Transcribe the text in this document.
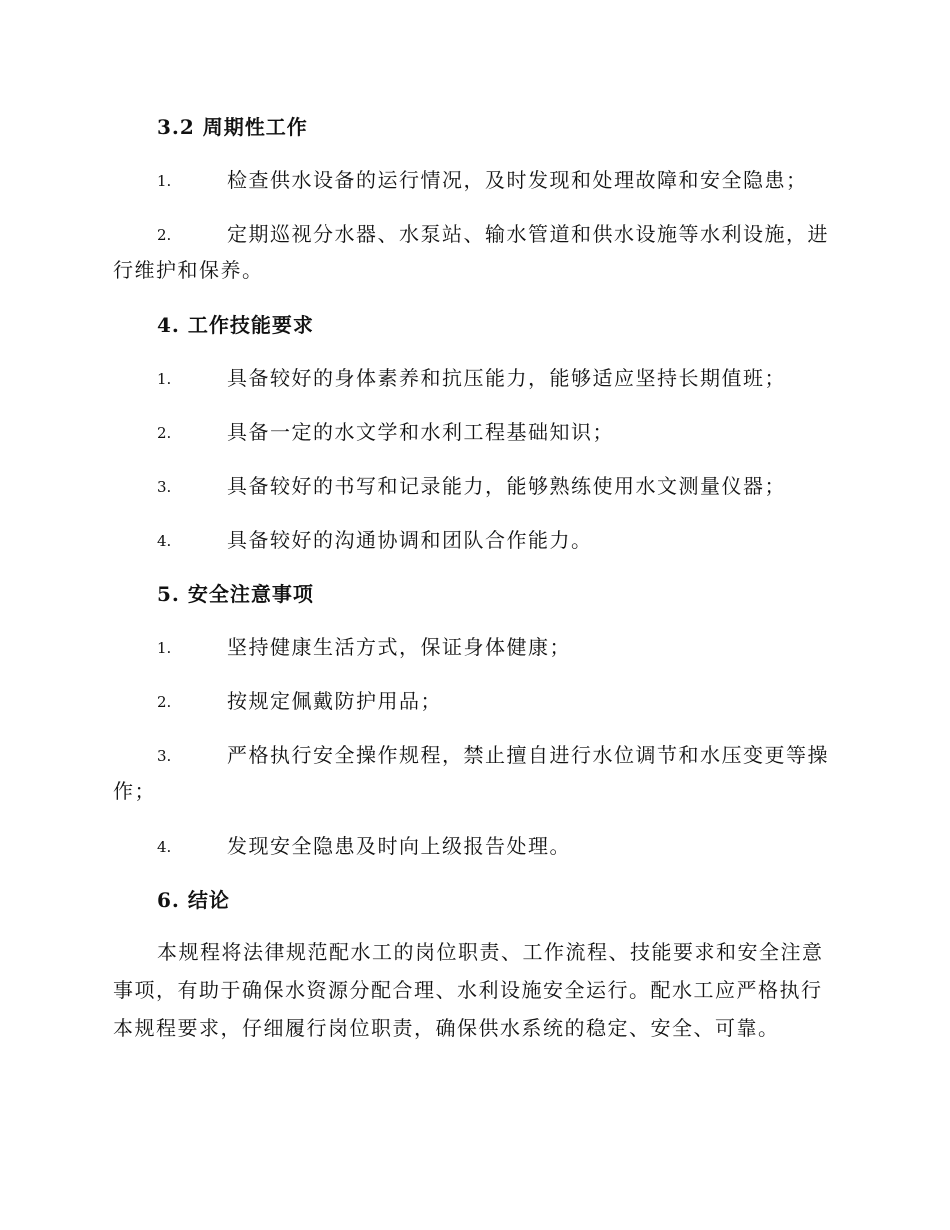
3.2 周期性工作
1.	检查供水设备的运行情况，及时发现和处理故障和安全隐患；
2.	定期巡视分水器、水泵站、输水管道和供水设施等水利设施，进
行维护和保养。
4. 工作技能要求
1.	具备较好的身体素养和抗压能力，能够适应坚持长期值班；
2.	具备一定的水文学和水利工程基础知识；
3.	具备较好的书写和记录能力，能够熟练使用水文测量仪器；
4.	具备较好的沟通协调和团队合作能力。
5. 安全注意事项
1.	坚持健康生活方式，保证身体健康；
2.	按规定佩戴防护用品；
3.	严格执行安全操作规程，禁止擅自进行水位调节和水压变更等操
作；
4.	发现安全隐患及时向上级报告处理。
6. 结论
本规程将法律规范配水工的岗位职责、工作流程、技能要求和安全注意
事项，有助于确保水资源分配合理、水利设施安全运行。配水工应严格执行
本规程要求，仔细履行岗位职责，确保供水系统的稳定、安全、可靠。
